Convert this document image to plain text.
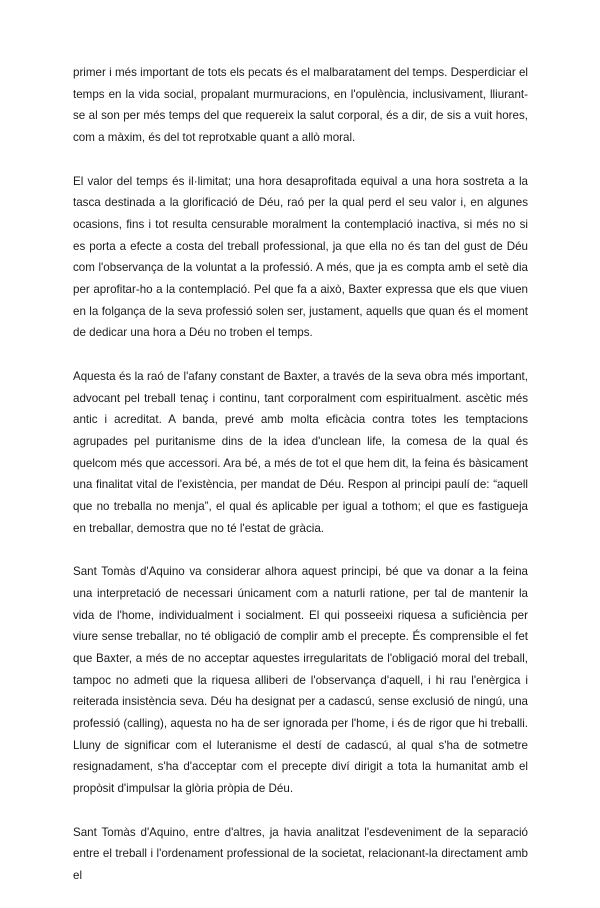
primer i més important de tots els pecats és el malbaratament del temps. Desperdiciar el temps en la vida social, propalant murmuracions, en l'opulència, inclusivament, lliurant-se al son per més temps del que requereix la salut corporal, és a dir, de sis a vuit hores, com a màxim, és del tot reprotxable quant a allò moral.

El valor del temps és il·limitat; una hora desaprofitada equival a una hora sostreta a la tasca destinada a la glorificació de Déu, raó per la qual perd el seu valor i, en algunes ocasions, fins i tot resulta censurable moralment la contemplació inactiva, si més no si es porta a efecte a costa del treball professional, ja que ella no és tan del gust de Déu com l'observança de la voluntat a la professió. A més, que ja es compta amb el setè dia per aprofitar-ho a la contemplació. Pel que fa a això, Baxter expressa que els que viuen en la folgança de la seva professió solen ser, justament, aquells que quan és el moment de dedicar una hora a Déu no troben el temps.

Aquesta és la raó de l'afany constant de Baxter, a través de la seva obra més important, advocant pel treball tenaç i continu, tant corporalment com espiritualment. ascètic més antic i acreditat. A banda, prevé amb molta eficàcia contra totes les temptacions agrupades pel puritanisme dins de la idea d'unclean life, la comesa de la qual és quelcom més que accessori. Ara bé, a més de tot el que hem dit, la feina és bàsicament una finalitat vital de l'existència, per mandat de Déu. Respon al principi paulí de: “aquell que no treballa no menja”, el qual és aplicable per igual a tothom; el que es fastigueja en treballar, demostra que no té l'estat de gràcia.

Sant Tomàs d'Aquino va considerar alhora aquest principi, bé que va donar a la feina una interpretació de necessari únicament com a naturli ratione, per tal de mantenir la vida de l'home, individualment i socialment. El qui posseeixi riquesa a suficiència per viure sense treballar, no té obligació de complir amb el precepte. És comprensible el fet que Baxter, a més de no acceptar aquestes irregularitats de l'obligació moral del treball, tampoc no admeti que la riquesa alliberi de l'observança d'aquell, i hi rau l'enèrgica i reiterada insistència seva. Déu ha designat per a cadascú, sense exclusió de ningú, una professió (calling), aquesta no ha de ser ignorada per l'home, i és de rigor que hi treballi. Lluny de significar com el luteranisme el destí de cadascú, al qual s'ha de sotmetre resignadament, s'ha d'acceptar com el precepte diví dirigit a tota la humanitat amb el propòsit d'impulsar la glòria pròpia de Déu.

Sant Tomàs d'Aquino, entre d'altres, ja havia analitzat l'esdeveniment de la separació entre el treball i l'ordenament professional de la societat, relacionant-la directament amb el
